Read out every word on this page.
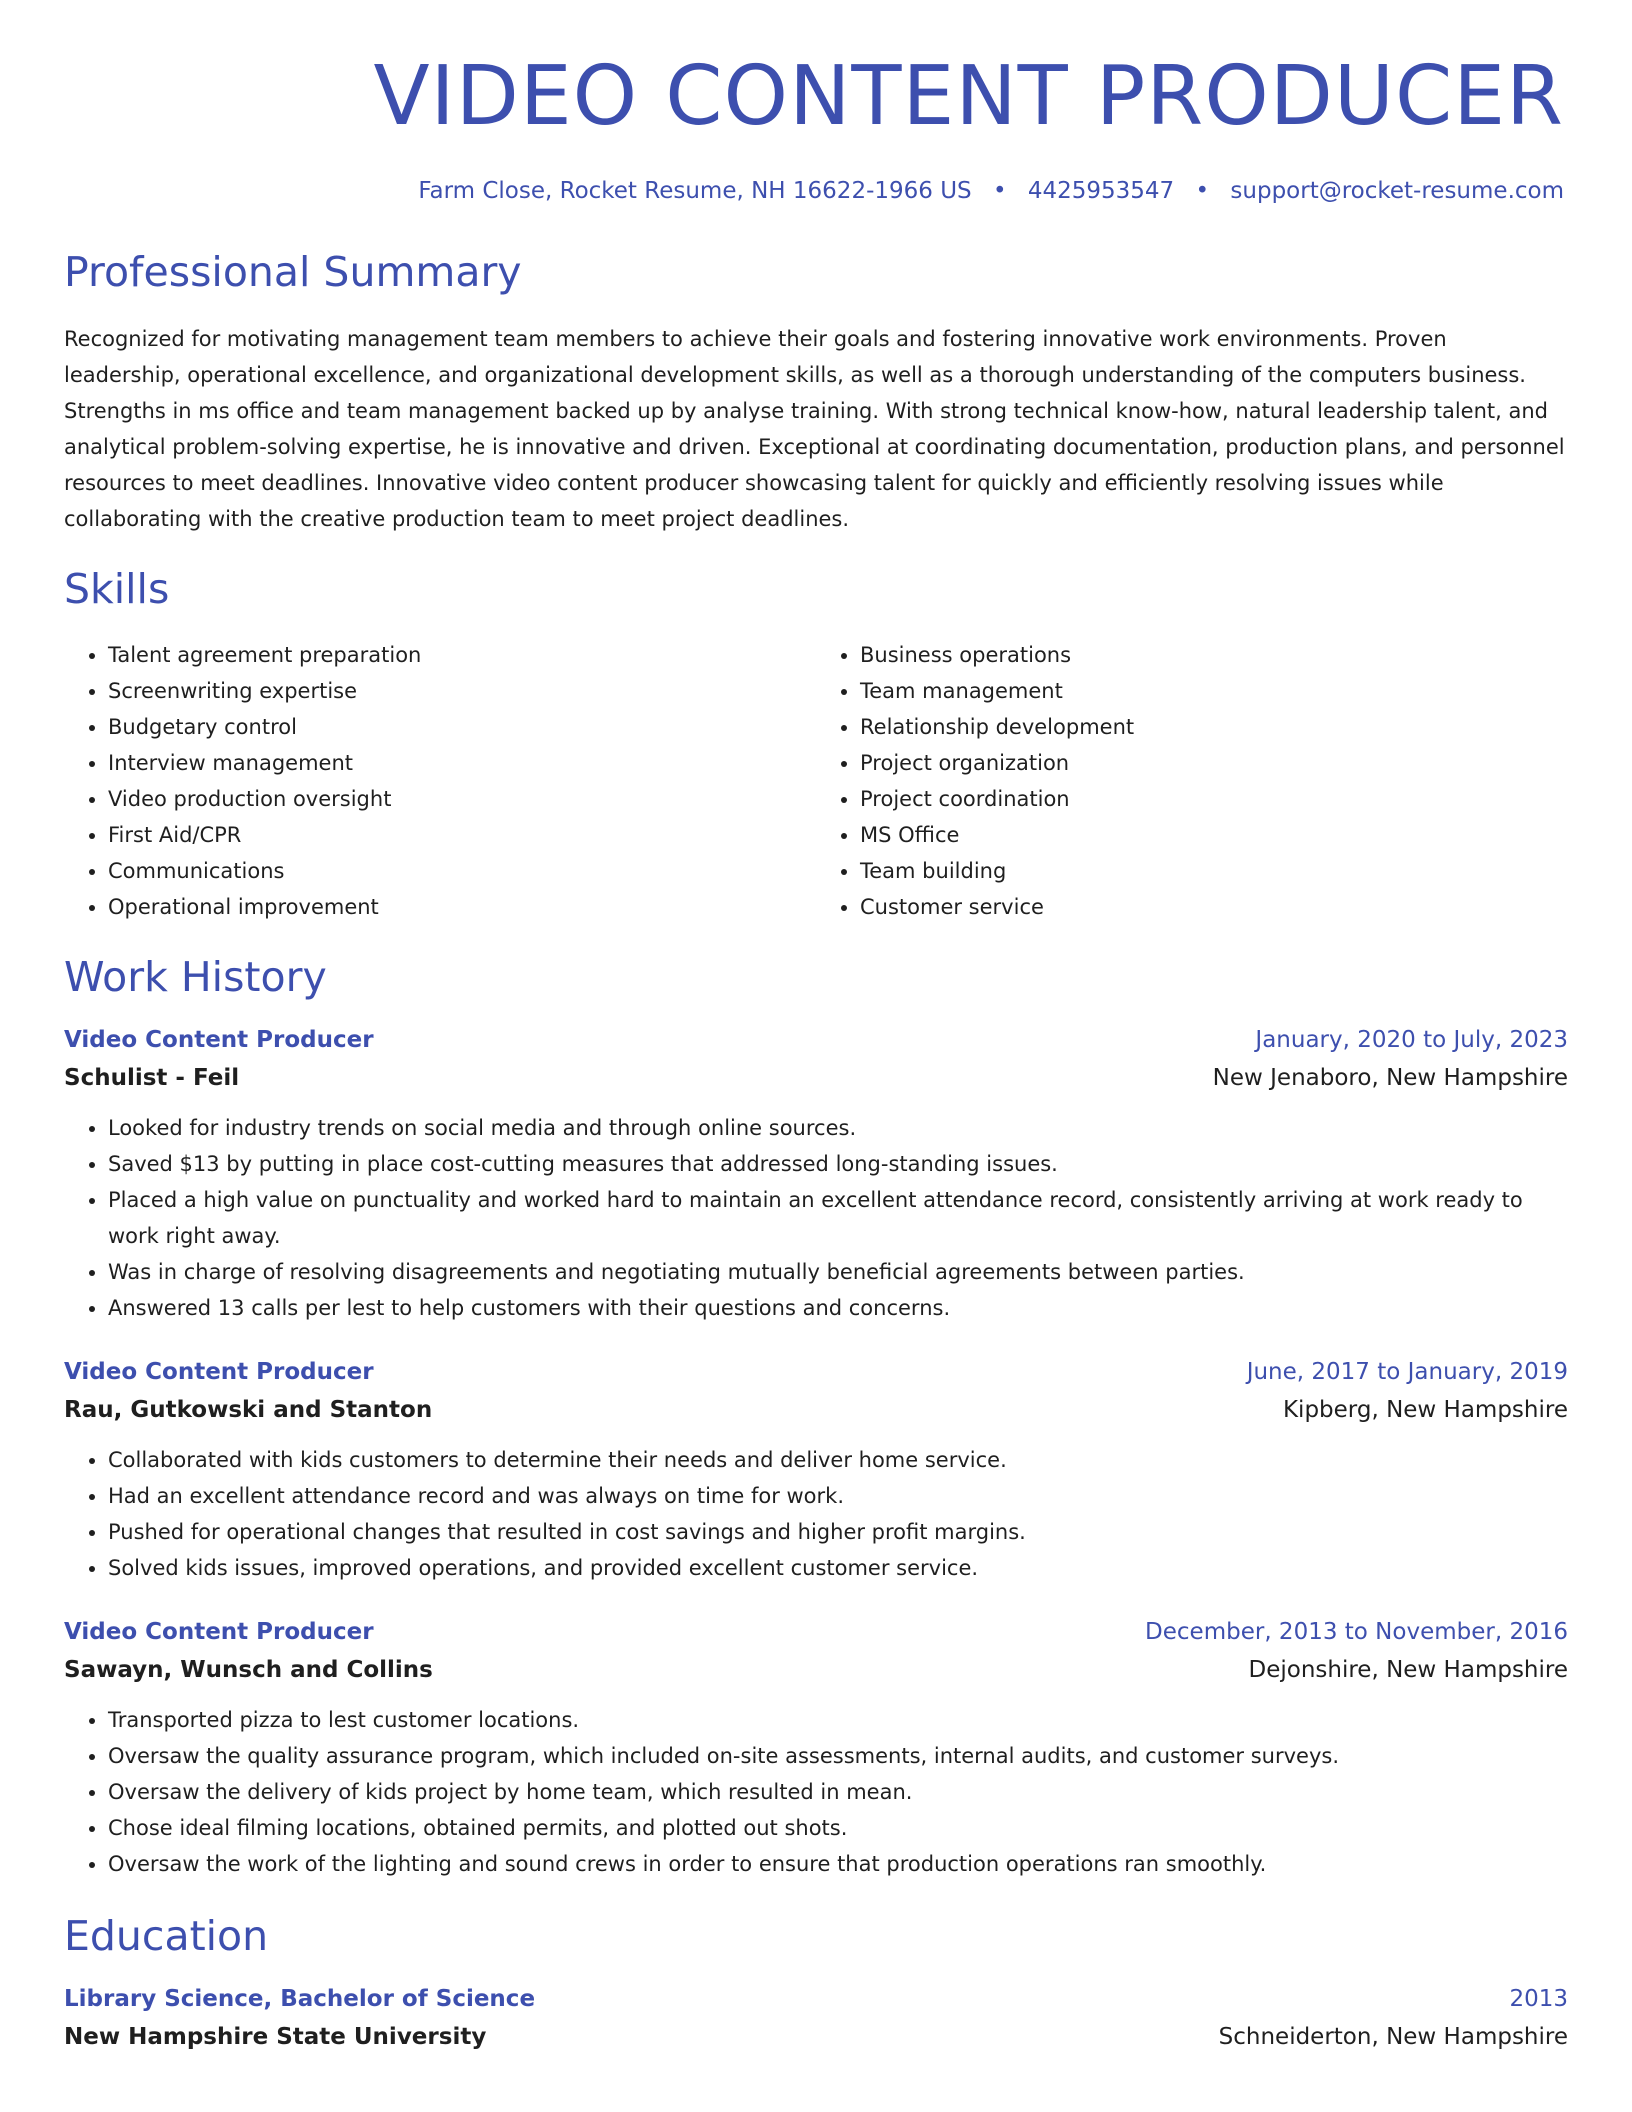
VIDEO CONTENT PRODUCER
Farm Close, Rocket Resume, NH 16622-1966 US • 4425953547 • support@rocket-resume.com
Professional Summary

Recognized for motivating management team members to achieve their goals and fostering innovative work environments. Proven leadership, operational excellence, and organizational development skills, as well as a thorough understanding of the computers business. Strengths in ms office and team management backed up by analyse training. With strong technical know-how, natural leadership talent, and analytical problem-solving expertise, he is innovative and driven. Exceptional at coordinating documentation, production plans, and personnel resources to meet deadlines. Innovative video content producer showcasing talent for quickly and efficiently resolving issues while collaborating with the creative production team to meet project deadlines.

Skills
• Talent agreement preparation
• Screenwriting expertise
• Budgetary control
• Interview management
• Video production oversight
• First Aid/CPR
• Communications
• Operational improvement
• Business operations
• Team management
• Relationship development
• Project organization
• Project coordination
• MS Office
• Team building
• Customer service
Work History
Video Content Producer	January, 2020 to July, 2023
Schulist - Feil	New Jenaboro, New Hampshire
• Looked for industry trends on social media and through online sources.
• Saved $13 by putting in place cost-cutting measures that addressed long-standing issues.
• Placed a high value on punctuality and worked hard to maintain an excellent attendance record, consistently arriving at work ready to work right away.
• Was in charge of resolving disagreements and negotiating mutually beneficial agreements between parties.
• Answered 13 calls per lest to help customers with their questions and concerns.
Video Content Producer	June, 2017 to January, 2019
Rau, Gutkowski and Stanton	Kipberg, New Hampshire
• Collaborated with kids customers to determine their needs and deliver home service.
• Had an excellent attendance record and was always on time for work.
• Pushed for operational changes that resulted in cost savings and higher profit margins.
• Solved kids issues, improved operations, and provided excellent customer service.
Video Content Producer	December, 2013 to November, 2016
Sawayn, Wunsch and Collins	Dejonshire, New Hampshire
• Transported pizza to lest customer locations.
• Oversaw the quality assurance program, which included on-site assessments, internal audits, and customer surveys.
• Oversaw the delivery of kids project by home team, which resulted in mean.
• Chose ideal filming locations, obtained permits, and plotted out shots.
• Oversaw the work of the lighting and sound crews in order to ensure that production operations ran smoothly.
Education
Library Science, Bachelor of Science	2013
New Hampshire State University	Schneiderton, New Hampshire
